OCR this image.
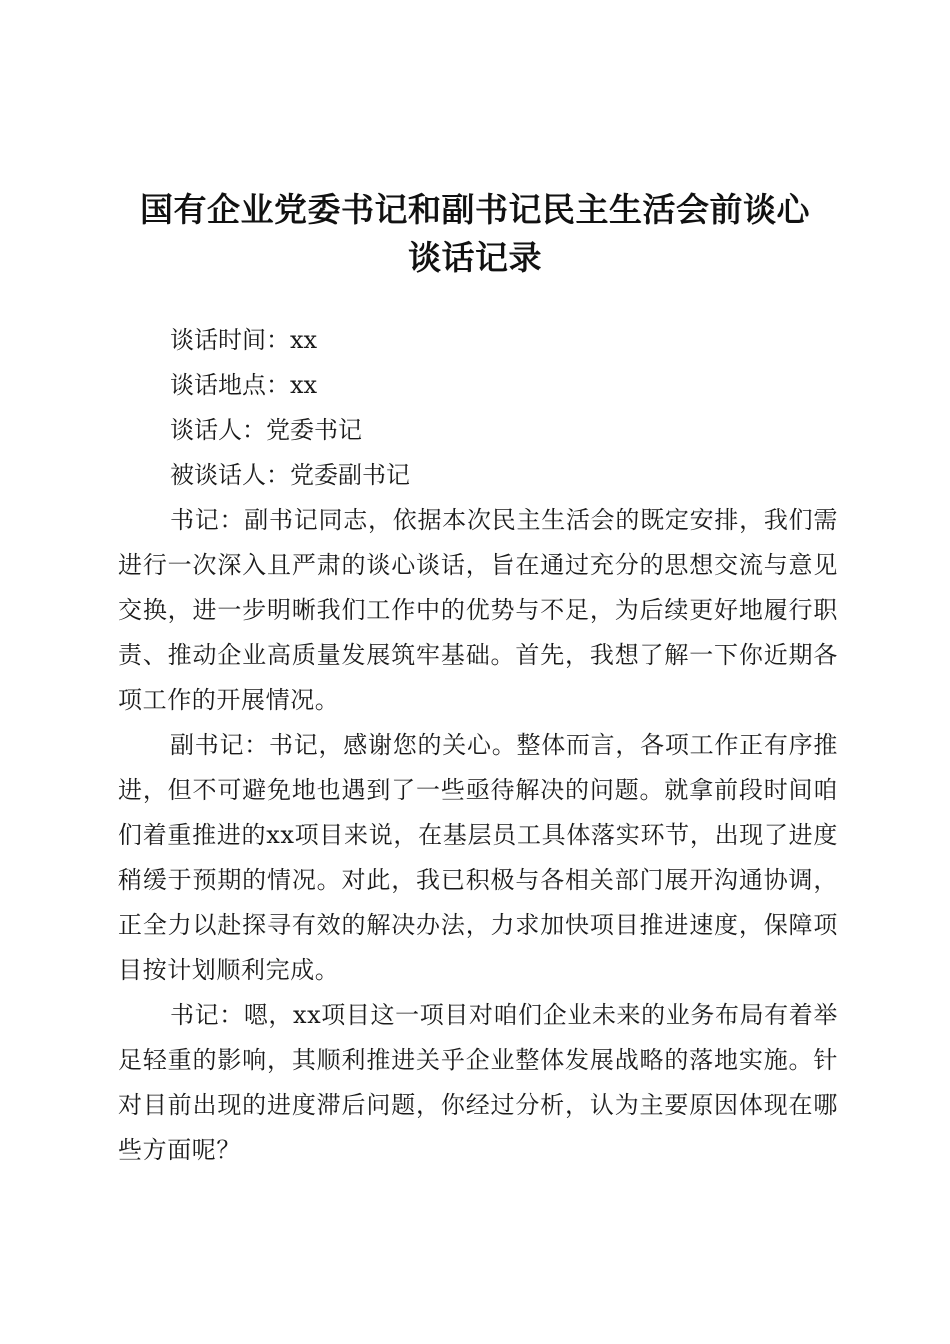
国有企业党委书记和副书记民主生活会前谈心
谈话记录

谈话时间：xx

谈话地点：xx

谈话人：党委书记

被谈话人：党委副书记

书记：副书记同志，依据本次民主生活会的既定安排，我们需进行一次深入且严肃的谈心谈话，旨在通过充分的思想交流与意见交换，进一步明晰我们工作中的优势与不足，为后续更好地履行职责、推动企业高质量发展筑牢基础。首先，我想了解一下你近期各项工作的开展情况。

副书记：书记，感谢您的关心。整体而言，各项工作正有序推进，但不可避免地也遇到了一些亟待解决的问题。就拿前段时间咱们着重推进的xx项目来说，在基层员工具体落实环节，出现了进度稍缓于预期的情况。对此，我已积极与各相关部门展开沟通协调，正全力以赴探寻有效的解决办法，力求加快项目推进速度，保障项目按计划顺利完成。

书记：嗯，xx项目这一项目对咱们企业未来的业务布局有着举足轻重的影响，其顺利推进关乎企业整体发展战略的落地实施。针对目前出现的进度滞后问题，你经过分析，认为主要原因体现在哪些方面呢？
